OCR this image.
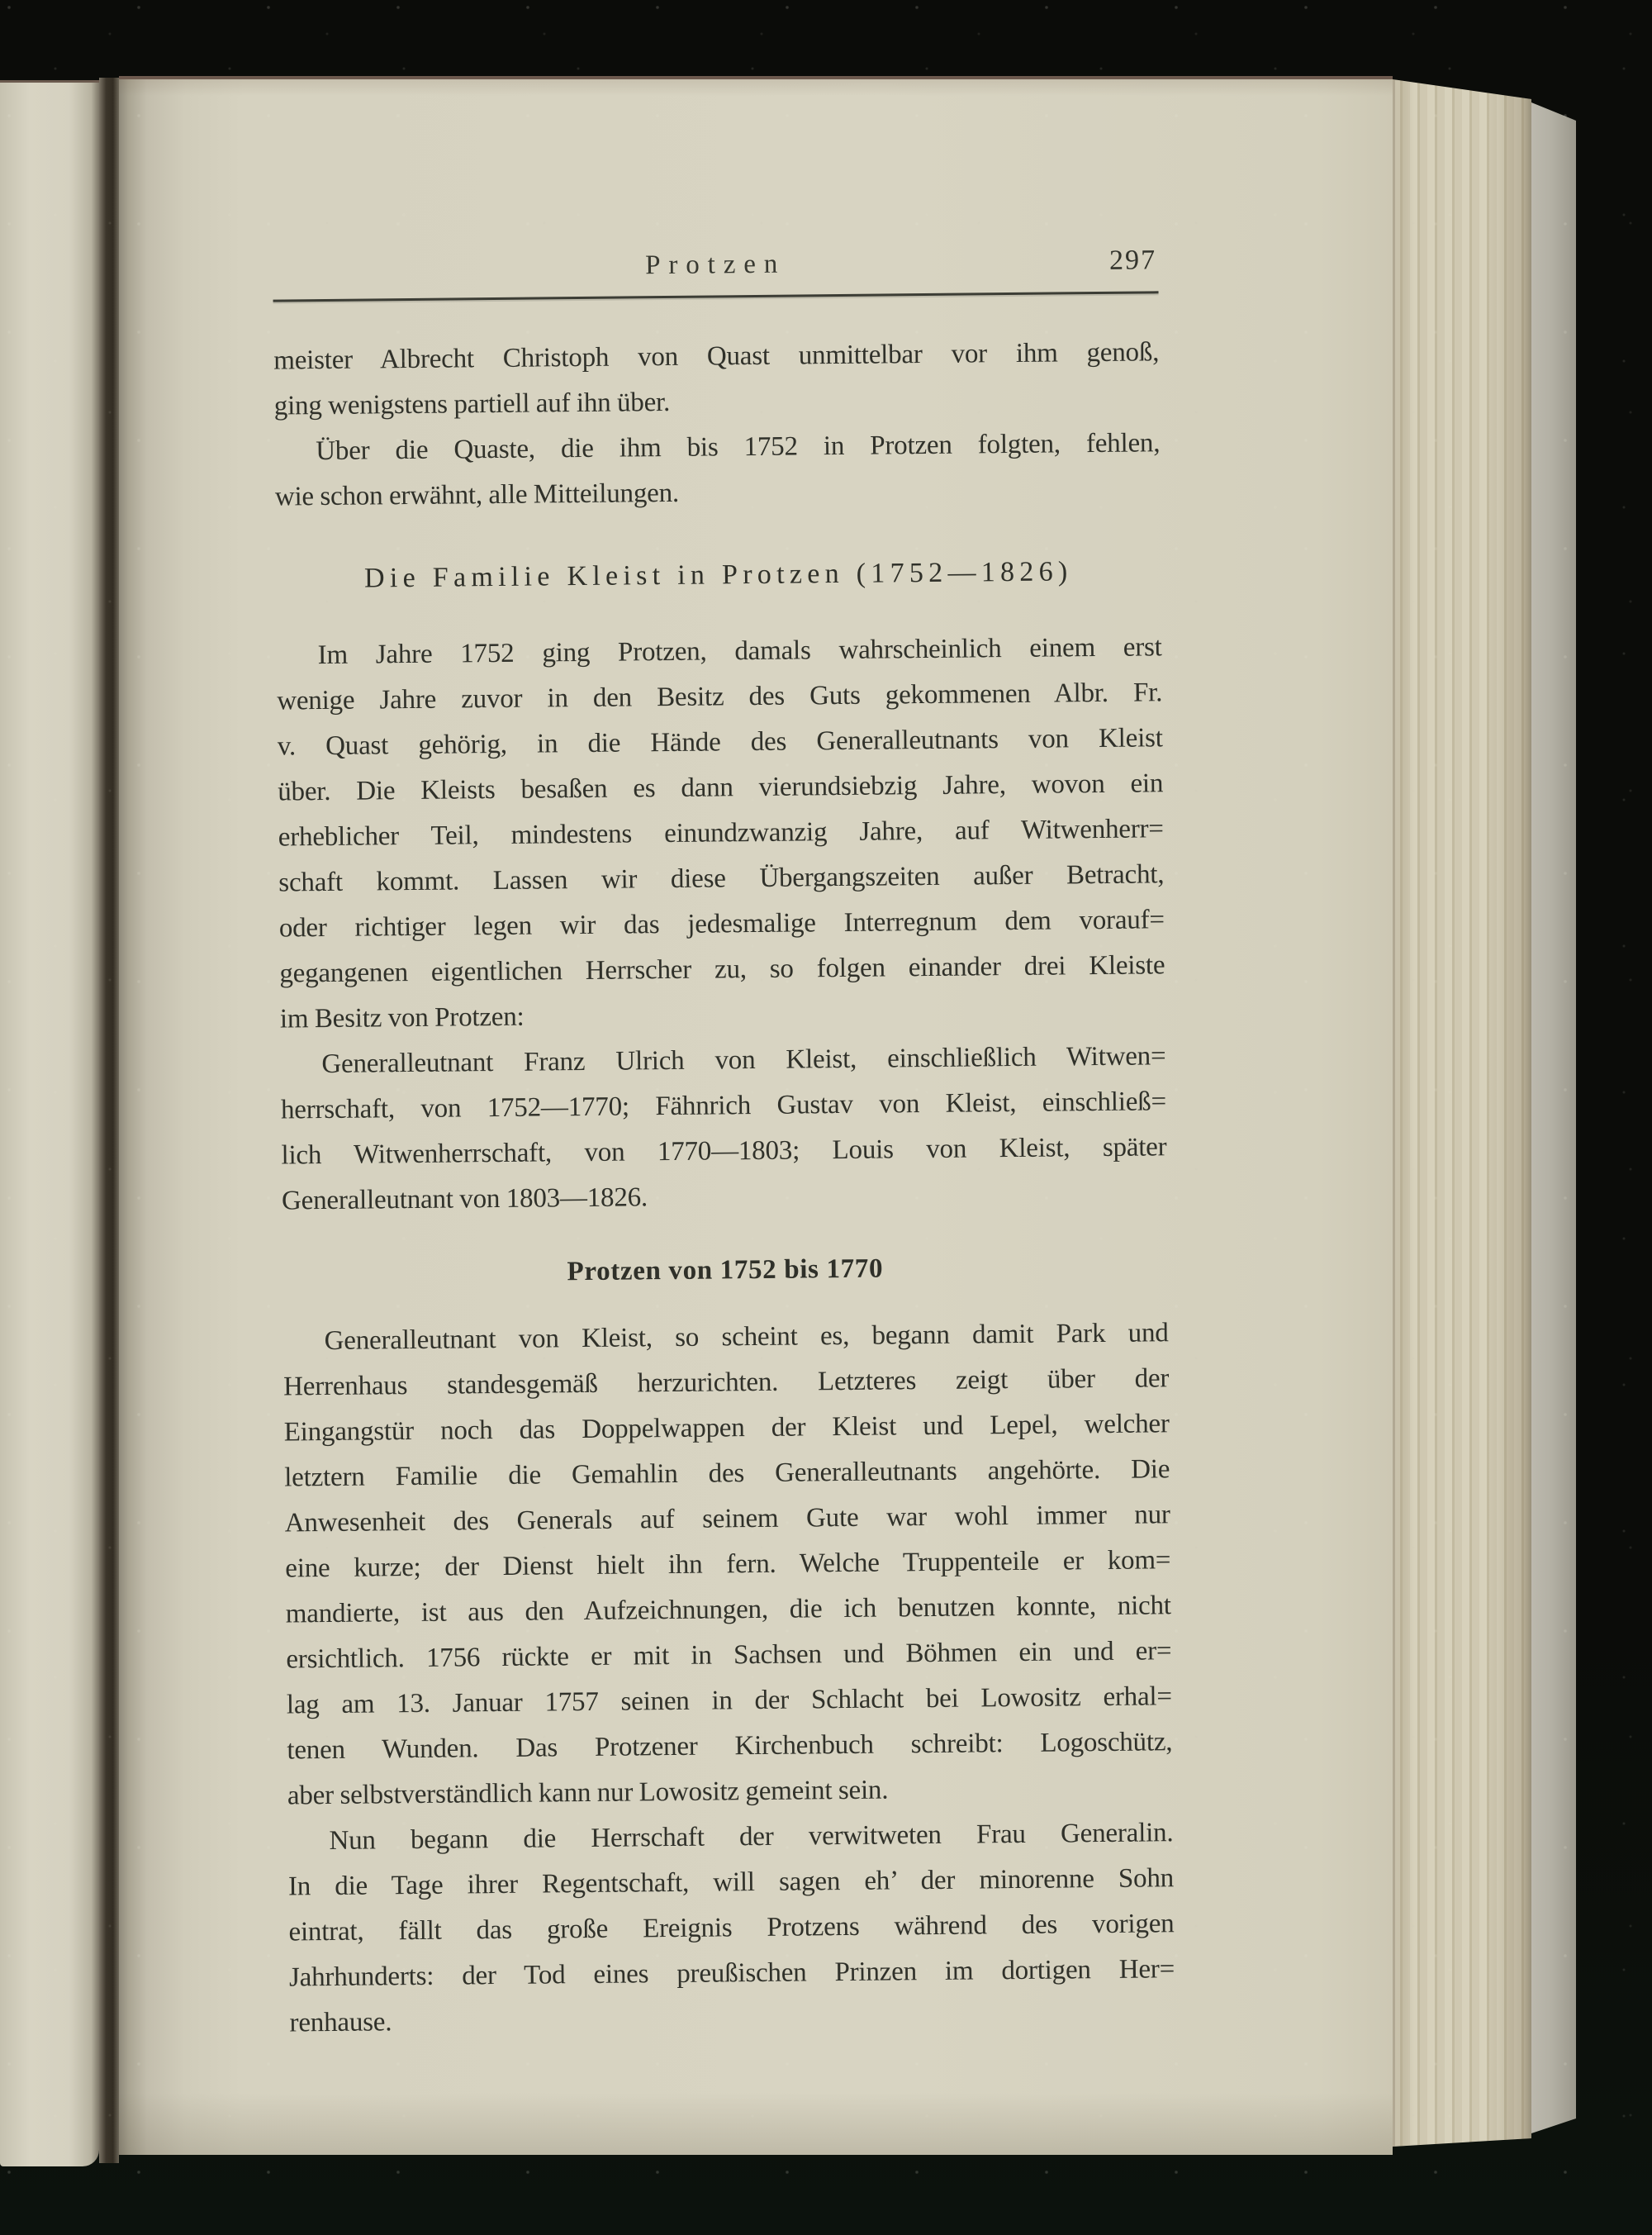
Protzen	297
meister Albrecht Christoph von Quast unmittelbar vor ihm genoß,
ging wenigstens partiell auf ihn über.
Über die Quaste, die ihm bis 1752 in Protzen folgten, fehlen,
wie schon erwähnt, alle Mitteilungen.
Die Familie Kleist in Protzen (1752—1826)
Im Jahre 1752 ging Protzen, damals wahrscheinlich einem erst
wenige Jahre zuvor in den Besitz des Guts gekommenen Albr. Fr.
v. Quast gehörig, in die Hände des Generalleutnants von Kleist
über. Die Kleists besaßen es dann vierundsiebzig Jahre, wovon ein
erheblicher Teil, mindestens einundzwanzig Jahre, auf Witwenherr=
schaft kommt. Lassen wir diese Übergangszeiten außer Betracht,
oder richtiger legen wir das jedesmalige Interregnum dem vorauf=
gegangenen eigentlichen Herrscher zu, so folgen einander drei Kleiste
im Besitz von Protzen:
Generalleutnant Franz Ulrich von Kleist, einschließlich Witwen=
herrschaft, von 1752—1770; Fähnrich Gustav von Kleist, einschließ=
lich Witwenherrschaft, von 1770—1803; Louis von Kleist, später
Generalleutnant von 1803—1826.
Protzen von 1752 bis 1770
Generalleutnant von Kleist, so scheint es, begann damit Park und
Herrenhaus standesgemäß herzurichten. Letzteres zeigt über der
Eingangstür noch das Doppelwappen der Kleist und Lepel, welcher
letztern Familie die Gemahlin des Generalleutnants angehörte. Die
Anwesenheit des Generals auf seinem Gute war wohl immer nur
eine kurze; der Dienst hielt ihn fern. Welche Truppenteile er kom=
mandierte, ist aus den Aufzeichnungen, die ich benutzen konnte, nicht
ersichtlich. 1756 rückte er mit in Sachsen und Böhmen ein und er=
lag am 13. Januar 1757 seinen in der Schlacht bei Lowositz erhal=
tenen Wunden. Das Protzener Kirchenbuch schreibt: Logoschütz,
aber selbstverständlich kann nur Lowositz gemeint sein.
Nun begann die Herrschaft der verwitweten Frau Generalin.
In die Tage ihrer Regentschaft, will sagen eh’ der minorenne Sohn
eintrat, fällt das große Ereignis Protzens während des vorigen
Jahrhunderts: der Tod eines preußischen Prinzen im dortigen Her=
renhause.
